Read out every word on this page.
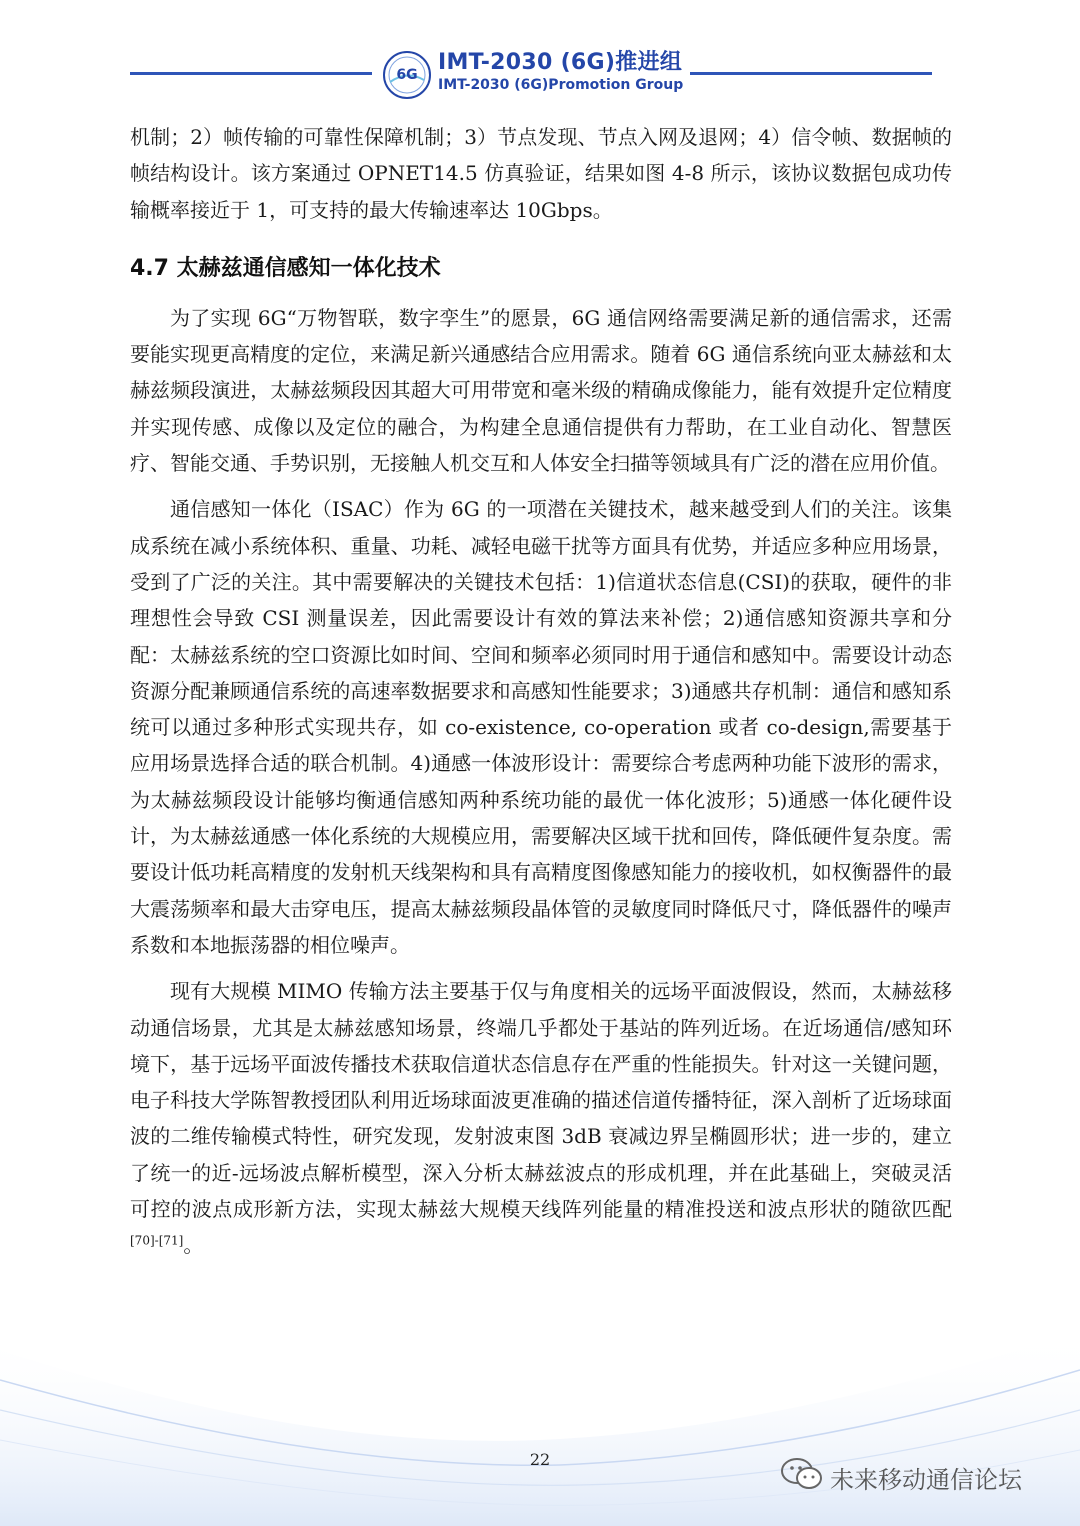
6G IMT-2030 (6G)推进组
IMT-2030 (6G)Promotion Group

机制；2）帧传输的可靠性保障机制；3）节点发现、节点入网及退网；4）信令帧、数据帧的帧结构设计。该方案通过 OPNET14.5 仿真验证，结果如图 4-8 所示，该协议数据包成功传输概率接近于 1，可支持的最大传输速率达 10Gbps。

4.7 太赫兹通信感知一体化技术

为了实现 6G“万物智联，数字孪生”的愿景，6G 通信网络需要满足新的通信需求，还需要能实现更高精度的定位，来满足新兴通感结合应用需求。随着 6G 通信系统向亚太赫兹和太赫兹频段演进，太赫兹频段因其超大可用带宽和毫米级的精确成像能力，能有效提升定位精度并实现传感、成像以及定位的融合，为构建全息通信提供有力帮助，在工业自动化、智慧医疗、智能交通、手势识别，无接触人机交互和人体安全扫描等领域具有广泛的潜在应用价值。

通信感知一体化（ISAC）作为 6G 的一项潜在关键技术，越来越受到人们的关注。该集成系统在减小系统体积、重量、功耗、减轻电磁干扰等方面具有优势，并适应多种应用场景，受到了广泛的关注。其中需要解决的关键技术包括：1)信道状态信息(CSI)的获取，硬件的非理想性会导致 CSI 测量误差，因此需要设计有效的算法来补偿；2)通信感知资源共享和分配：太赫兹系统的空口资源比如时间、空间和频率必须同时用于通信和感知中。需要设计动态资源分配兼顾通信系统的高速率数据要求和高感知性能要求；3)通感共存机制：通信和感知系统可以通过多种形式实现共存，如 co-existence, co-operation 或者 co-design,需要基于应用场景选择合适的联合机制。4)通感一体波形设计：需要综合考虑两种功能下波形的需求，为太赫兹频段设计能够均衡通信感知两种系统功能的最优一体化波形；5)通感一体化硬件设计，为太赫兹通感一体化系统的大规模应用，需要解决区域干扰和回传，降低硬件复杂度。需要设计低功耗高精度的发射机天线架构和具有高精度图像感知能力的接收机，如权衡器件的最大震荡频率和最大击穿电压，提高太赫兹频段晶体管的灵敏度同时降低尺寸，降低器件的噪声系数和本地振荡器的相位噪声。

现有大规模 MIMO 传输方法主要基于仅与角度相关的远场平面波假设，然而，太赫兹移动通信场景，尤其是太赫兹感知场景，终端几乎都处于基站的阵列近场。在近场通信/感知环境下，基于远场平面波传播技术获取信道状态信息存在严重的性能损失。针对这一关键问题，电子科技大学陈智教授团队利用近场球面波更准确的描述信道传播特征，深入剖析了近场球面波的二维传输模式特性，研究发现，发射波束图 3dB 衰减边界呈椭圆形状；进一步的，建立了统一的近-远场波点解析模型，深入分析太赫兹波点的形成机理，并在此基础上，突破灵活可控的波点成形新方法，实现太赫兹大规模天线阵列能量的精准投送和波点形状的随欲匹配[70]-[71]。

22
未来移动通信论坛
